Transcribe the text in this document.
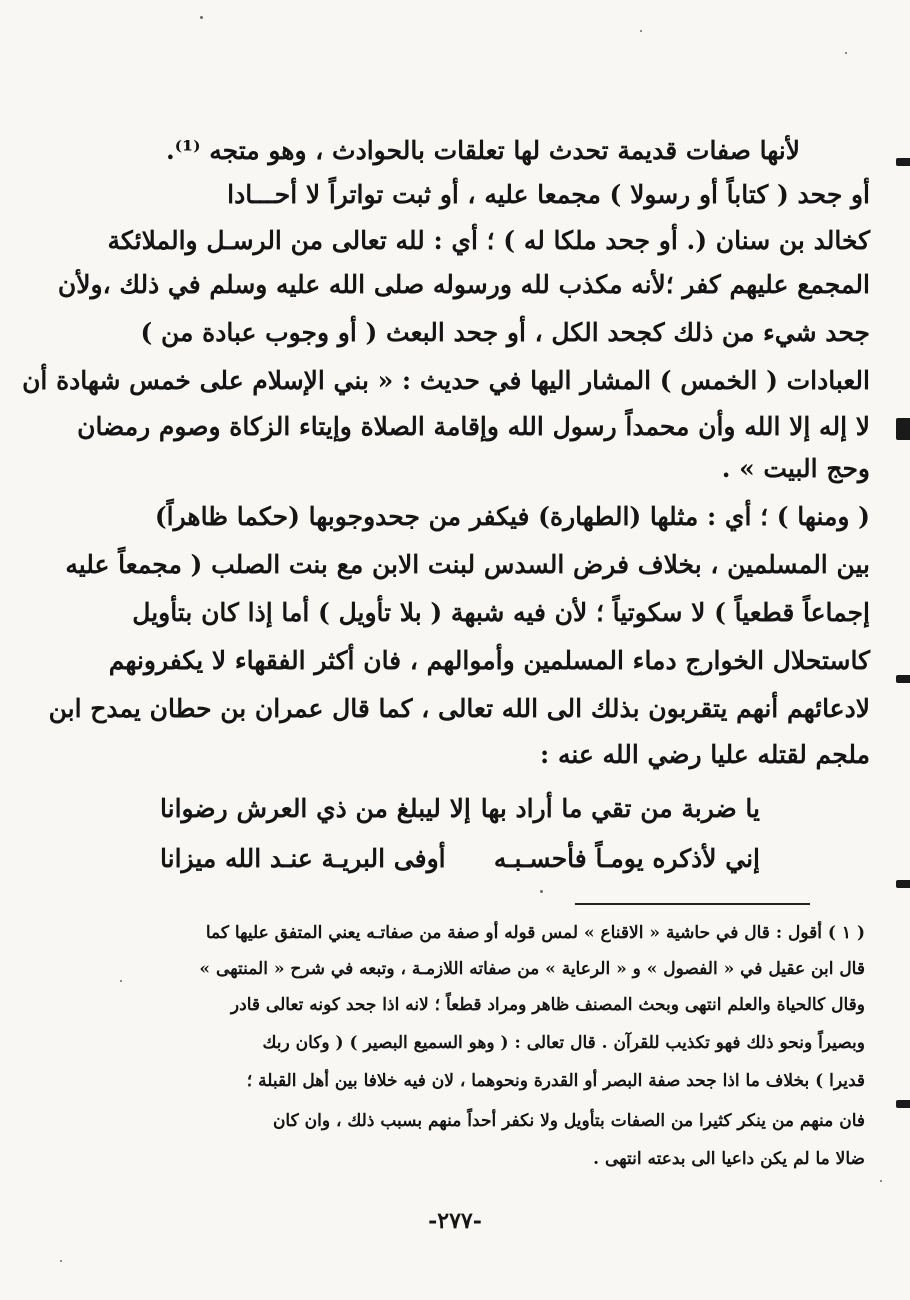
لأنها صفات قديمة تحدث لها تعلقات بالحوادث ، وهو متجه ⁽¹⁾.
أو جحد ( كتاباً أو رسولا ) مجمعا عليه ، أو ثبت تواتراً لا أحـــادا
كخالد بن سنان (. أو جحد ملكا له ) ؛ أي : لله تعالى من الرسـل والملائكة
المجمع عليهم كفر ؛لأنه مكذب لله ورسوله صلى الله عليه وسلم في ذلك ،ولأن
جحد شيء من ذلك كجحد الكل ، أو جحد البعث ( أو وجوب عبادة من )
العبادات ( الخمس ) المشار اليها في حديث : « بني الإسلام على خمس شهادة أن
لا إله إلا الله وأن محمداً رسول الله وإقامة الصلاة وإيتاء الزكاة وصوم رمضان
وحج البيت » .
( ومنها ) ؛ أي : مثلها (الطهارة) فيكفر من جحدوجوبها (حكما ظاهراً)
بين المسلمين ، بخلاف فرض السدس لبنت الابن مع بنت الصلب ( مجمعاً عليه
إجماعاً قطعياً ) لا سكوتياً ؛ لأن فيه شبهة ( بلا تأويل ) أما إذا كان بتأويل
كاستحلال الخوارج دماء المسلمين وأموالهم ، فان أكثر الفقهاء لا يكفرونهم
لادعائهم أنهم يتقربون بذلك الى الله تعالى ، كما قال عمران بن حطان يمدح ابن
ملجم لقتله عليا رضي الله عنه :
يا ضربة من تقي ما أراد بها
إلا ليبلغ من ذي العرش رضوانا
إني لأذكره يومـاً فأحسـبـه
أوفى البريـة عنـد الله ميزانا
( ١ ) أقول : قال في حاشية « الاقناع » لمس قوله أو صفة من صفاتـه يعني المتفق عليها كما
قال ابن عقيل في « الفصول » و « الرعاية » من صفاته اللازمـة ، وتبعه في شرح « المنتهى »
وقال كالحياة والعلم انتهى وبحث المصنف ظاهر ومراد قطعاً ؛ لانه اذا جحد كونه تعالى قادر
وبصيراً ونحو ذلك فهو تكذيب للقرآن . قال تعالى : ( وهو السميع البصير ) ( وكان ربك
قديرا ) بخلاف ما اذا جحد صفة البصر أو القدرة ونحوهما ، لان فيه خلافا بين أهل القبلة ؛
فان منهم من ينكر كثيرا من الصفات بتأويل ولا نكفر أحداً منهم بسبب ذلك ، وان كان
ضالا ما لم يكن داعيا الى بدعته انتهى .
-٢٧٧-
